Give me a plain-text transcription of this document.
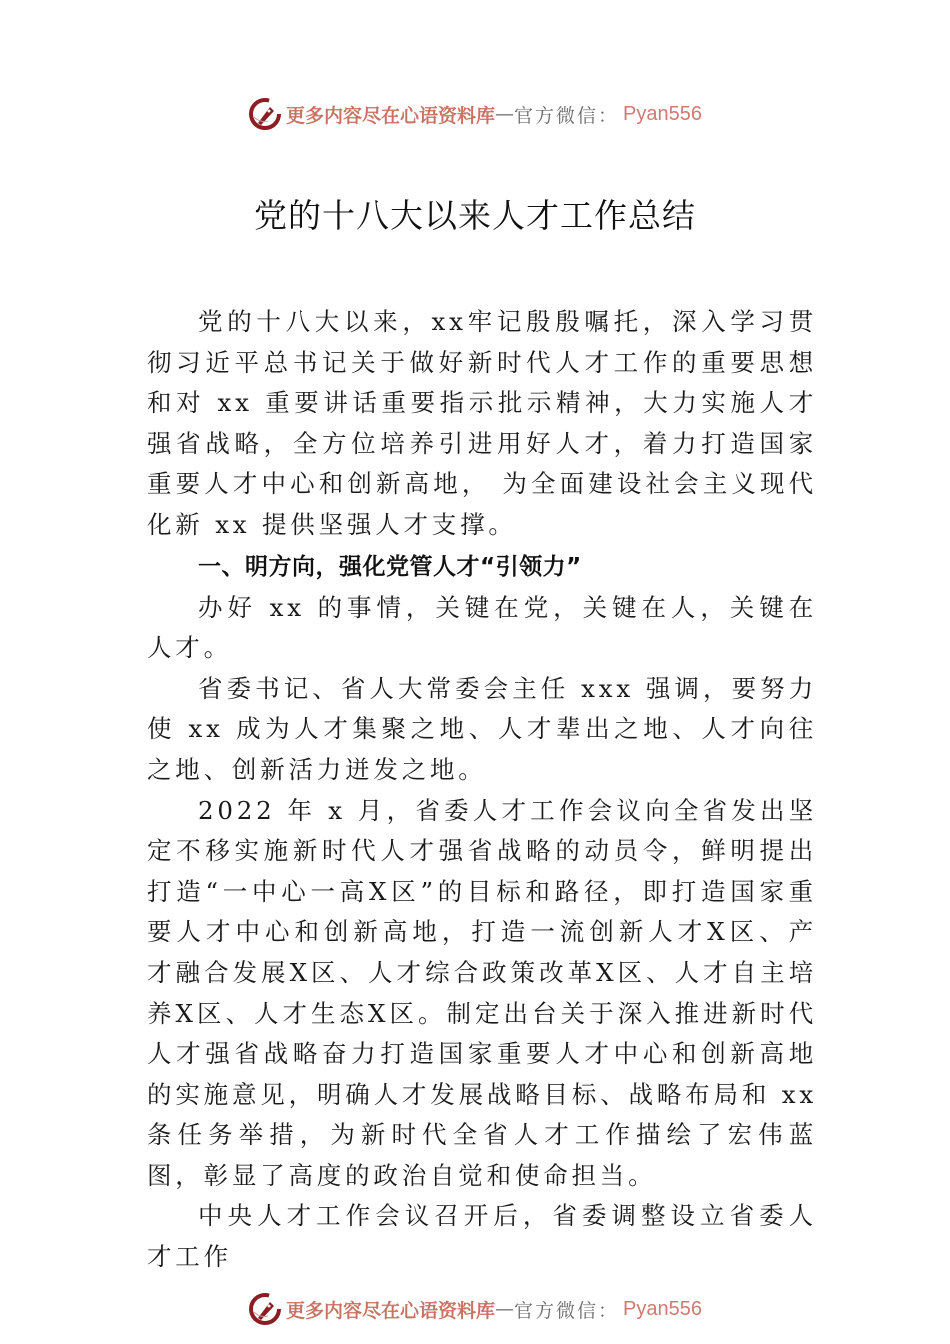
更多内容尽在心语资料库 — 官方微信： Pyan556
党的十八大以来人才工作总结

党的十八大以来，xx牢记殷殷嘱托，深入学习贯彻习近平总书记关于做好新时代人才工作的重要思想和对 xx 重要讲话重要指示批示精神，大力实施人才强省战略，全方位培养引进用好人才，着力打造国家重要人才中心和创新高地， 为全面建设社会主义现代化新 xx 提供坚强人才支撑。

一、明方向，强化党管人才“引领力”

办好 xx 的事情，关键在党，关键在人，关键在人才。

省委书记、省人大常委会主任 xxx 强调，要努力使 xx 成为人才集聚之地、人才辈出之地、人才向往之地、创新活力迸发之地。

2022 年 x 月，省委人才工作会议向全省发出坚定不移实施新时代人才强省战略的动员令，鲜明提出打造“一中心一高X区”的目标和路径，即打造国家重要人才中心和创新高地，打造一流创新人才X区、产才融合发展X区、人才综合政策改革X区、人才自主培养X区、人才生态X区。制定出台关于深入推进新时代人才强省战略奋力打造国家重要人才中心和创新高地的实施意见，明确人才发展战略目标、战略布局和 xx 条任务举措，为新时代全省人才工作描绘了宏伟蓝图，彰显了高度的政治自觉和使命担当。

中央人才工作会议召开后，省委调整设立省委人才工作

更多内容尽在心语资料库 — 官方微信： Pyan556
